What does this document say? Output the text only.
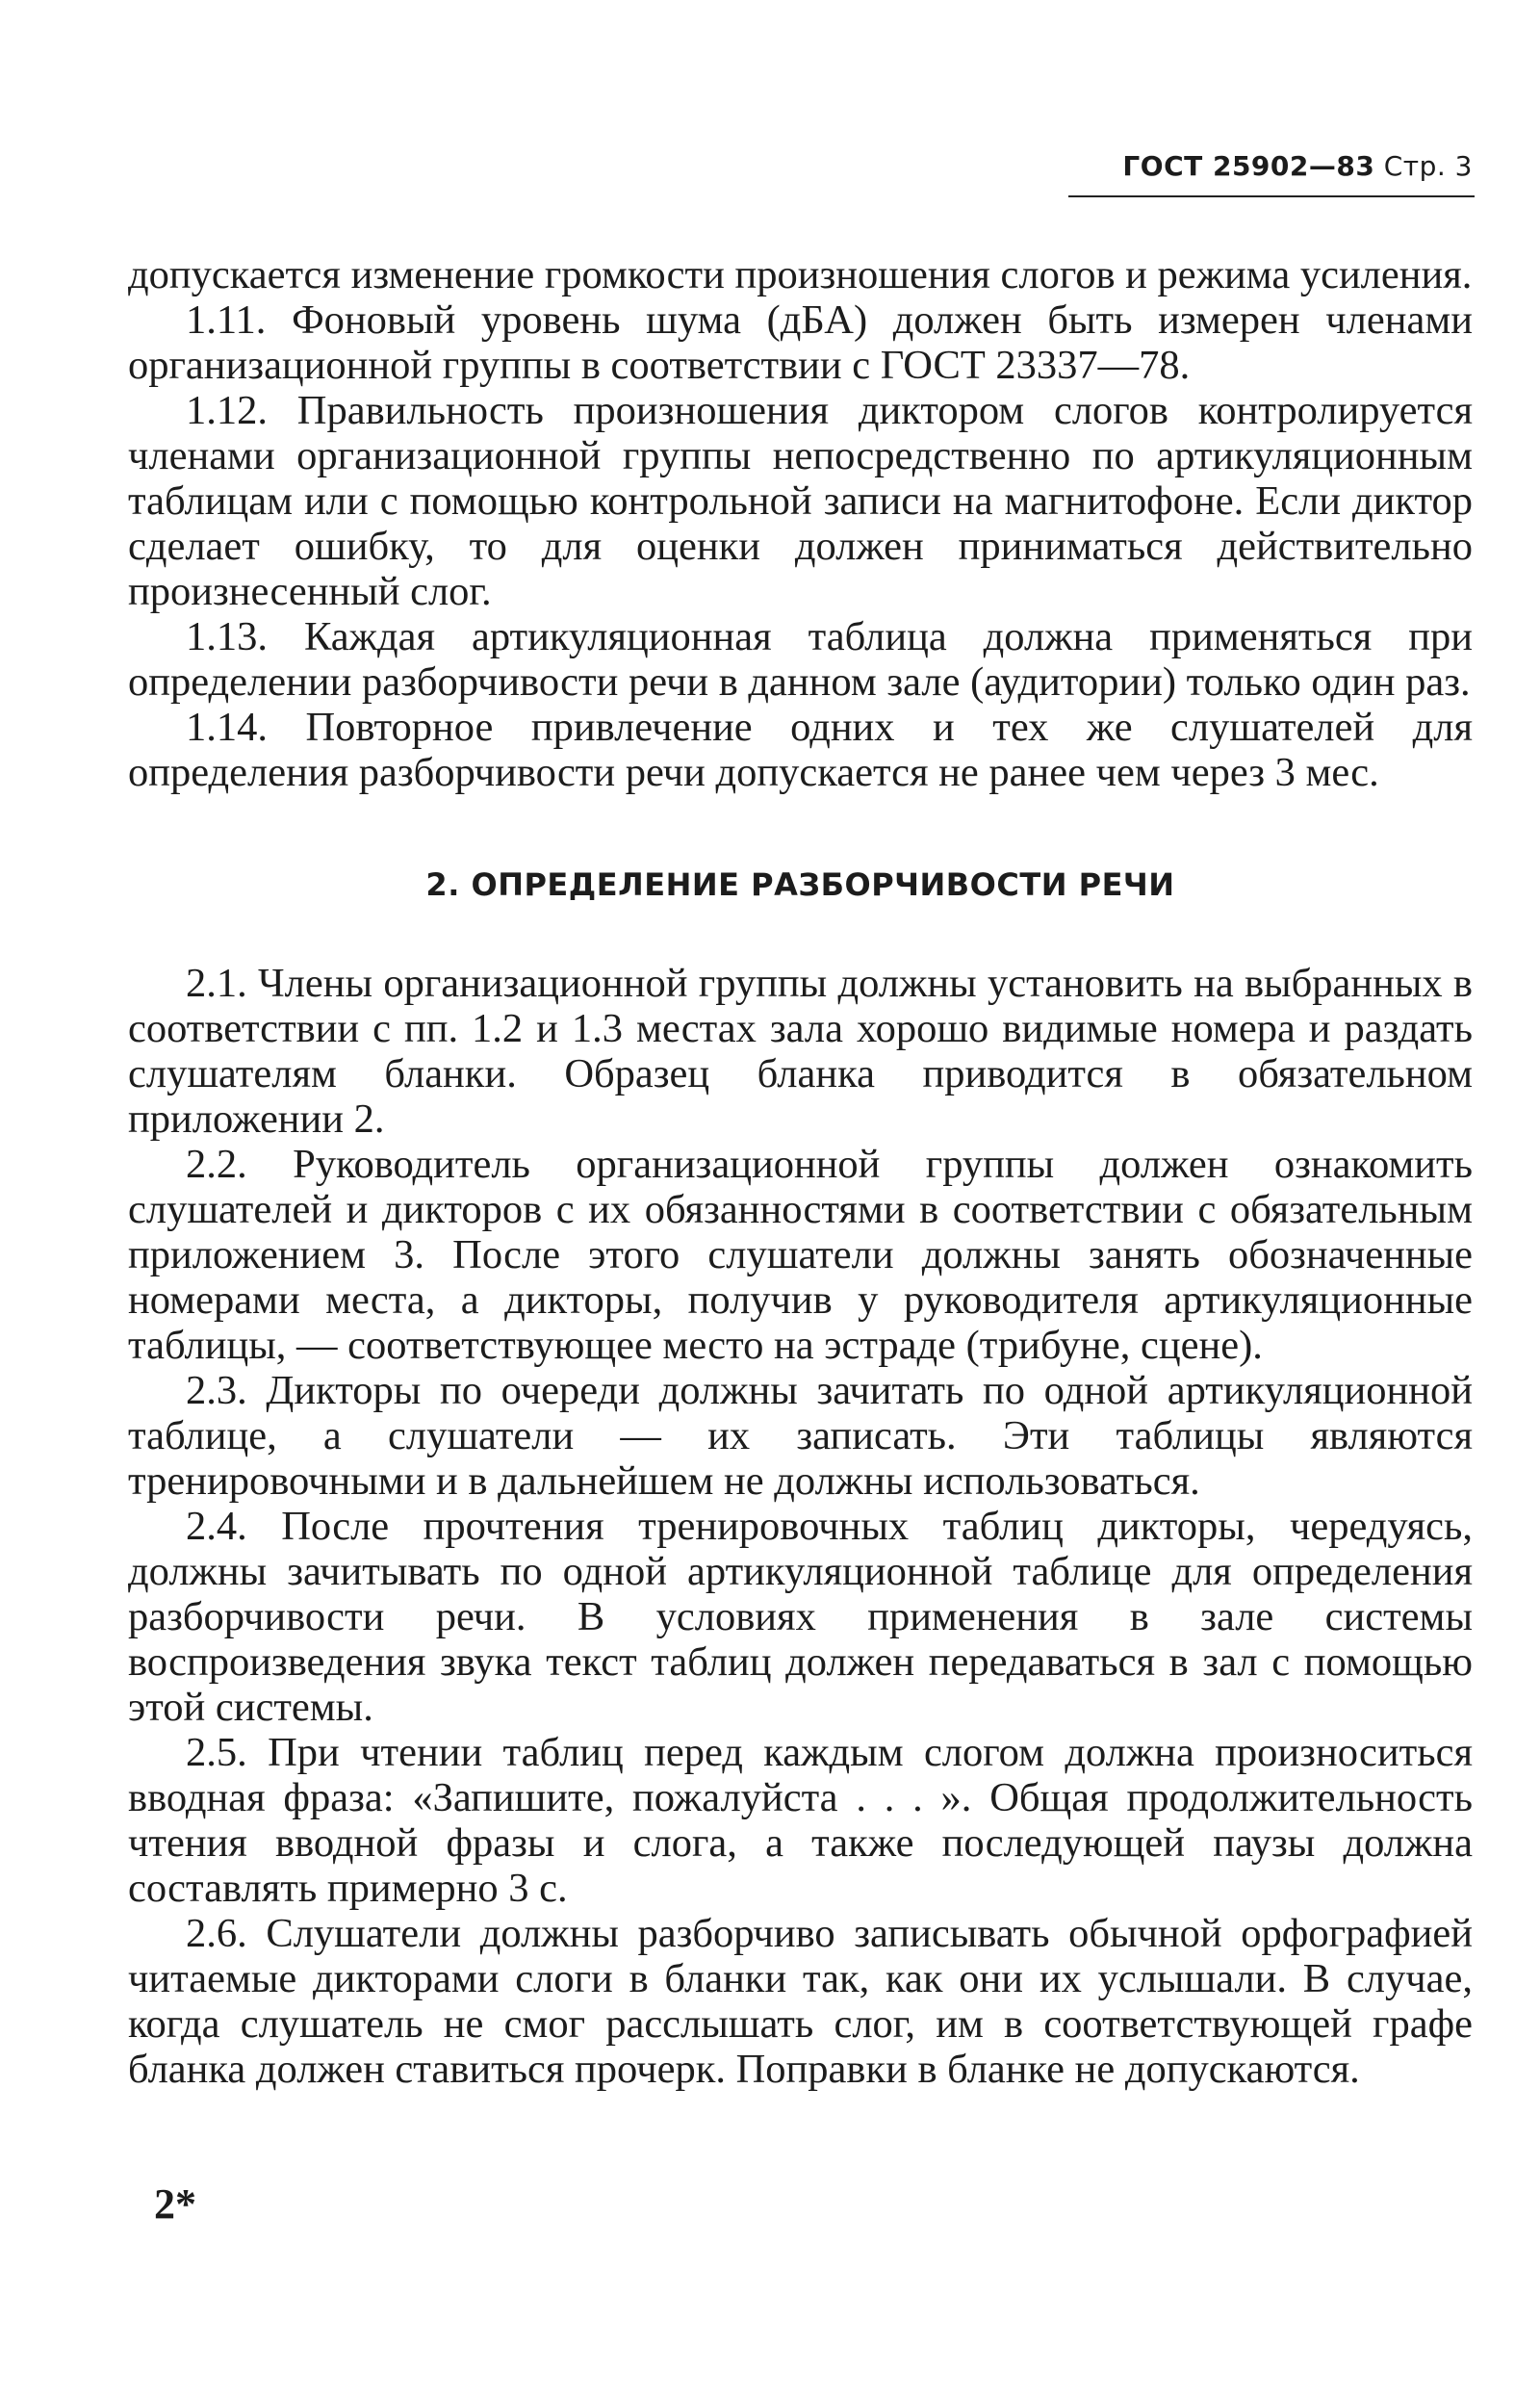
ГОСТ 25902—83 Стр. 3

допускается изменение громкости произношения слогов и режима усиления.

1.11. Фоновый уровень шума (дБА) должен быть измерен членами организационной группы в соответствии с ГОСТ 23337—78.

1.12. Правильность произношения диктором слогов контролируется членами организационной группы непосредственно по артикуляционным таблицам или с помощью контрольной записи на магнитофоне. Если диктор сделает ошибку, то для оценки должен приниматься действительно произнесенный слог.

1.13. Каждая артикуляционная таблица должна применяться при определении разборчивости речи в данном зале (аудитории) только один раз.

1.14. Повторное привлечение одних и тех же слушателей для определения разборчивости речи допускается не ранее чем через 3 мес.

2. ОПРЕДЕЛЕНИЕ РАЗБОРЧИВОСТИ РЕЧИ

2.1. Члены организационной группы должны установить на выбранных в соответствии с пп. 1.2 и 1.3 местах зала хорошо видимые номера и раздать слушателям бланки. Образец бланка приводится в обязательном приложении 2.

2.2. Руководитель организационной группы должен ознакомить слушателей и дикторов с их обязанностями в соответствии с обязательным приложением 3. После этого слушатели должны занять обозначенные номерами места, а дикторы, получив у руководителя артикуляционные таблицы, — соответствующее место на эстраде (трибуне, сцене).

2.3. Дикторы по очереди должны зачитать по одной артикуляционной таблице, а слушатели — их записать. Эти таблицы являются тренировочными и в дальнейшем не должны использоваться.

2.4. После прочтения тренировочных таблиц дикторы, чередуясь, должны зачитывать по одной артикуляционной таблице для определения разборчивости речи. В условиях применения в зале системы воспроизведения звука текст таблиц должен передаваться в зал с помощью этой системы.

2.5. При чтении таблиц перед каждым слогом должна произноситься вводная фраза: «Запишите, пожалуйста . . . ». Общая продолжительность чтения вводной фразы и слога, а также последующей паузы должна составлять примерно 3 с.

2.6. Слушатели должны разборчиво записывать обычной орфографией читаемые дикторами слоги в бланки так, как они их услышали. В случае, когда слушатель не смог расслышать слог, им в соответствующей графе бланка должен ставиться прочерк. Поправки в бланке не допускаются.

2*
